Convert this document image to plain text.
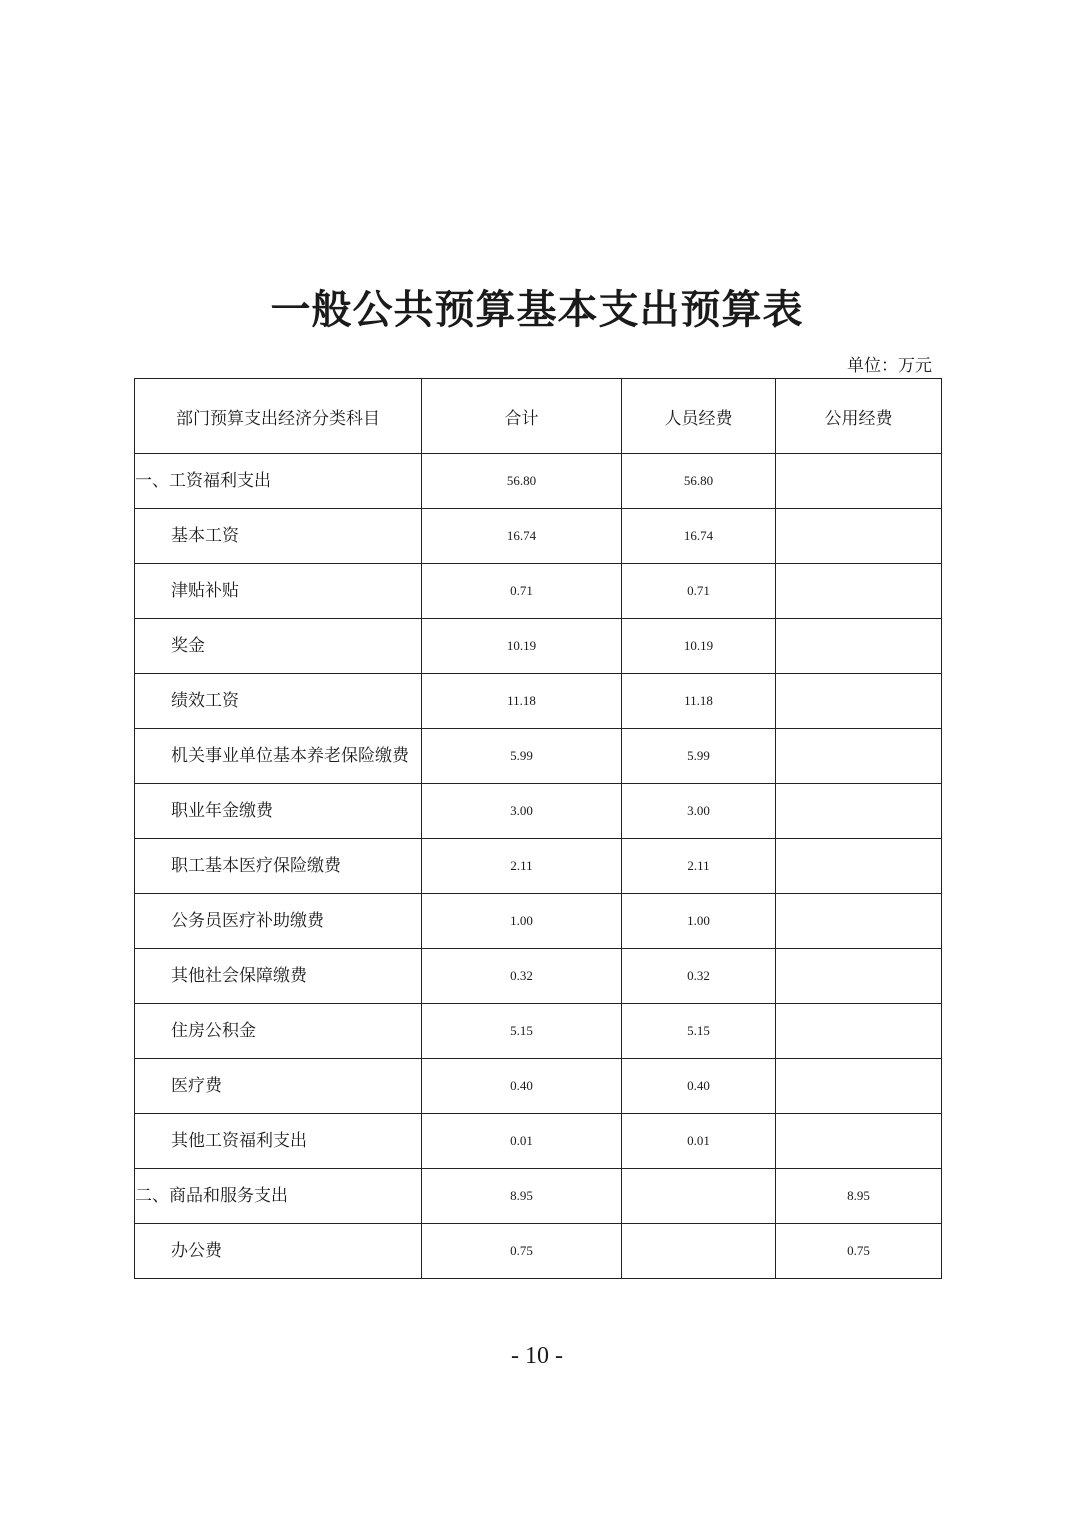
一般公共预算基本支出预算表
单位：万元
部门预算支出经济分类科目	合计	人员经费	公用经费
一、工资福利支出	56.80	56.80	
基本工资	16.74	16.74	
津贴补贴	0.71	0.71	
奖金	10.19	10.19	
绩效工资	11.18	11.18	
机关事业单位基本养老保险缴费	5.99	5.99	
职业年金缴费	3.00	3.00	
职工基本医疗保险缴费	2.11	2.11	
公务员医疗补助缴费	1.00	1.00	
其他社会保障缴费	0.32	0.32	
住房公积金	5.15	5.15	
医疗费	0.40	0.40	
其他工资福利支出	0.01	0.01	
二、商品和服务支出	8.95		8.95
办公费	0.75		0.75
- 10 -
